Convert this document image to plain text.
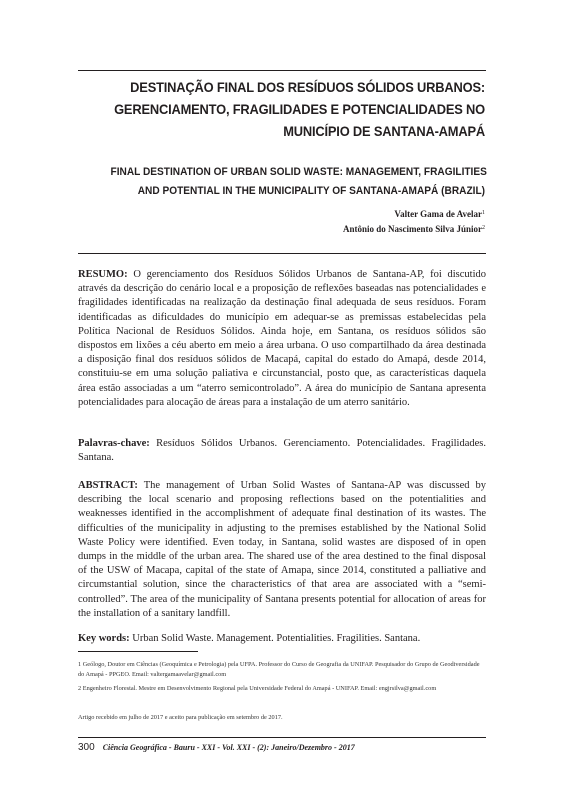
DESTINAÇÃO FINAL DOS RESÍDUOS SÓLIDOS URBANOS:
GERENCIAMENTO, FRAGILIDADES E POTENCIALIDADES NO
MUNICÍPIO DE SANTANA-AMAPÁ
FINAL DESTINATION OF URBAN SOLID WASTE: MANAGEMENT, FRAGILITIES
AND POTENTIAL IN THE MUNICIPALITY OF SANTANA-AMAPÁ (BRAZIL)
Valter Gama de Avelar$^1$
Antônio do Nascimento Silva Júnior$^2$

RESUMO: O gerenciamento dos Resíduos Sólidos Urbanos de Santana-AP, foi discutido através da descrição do cenário local e a proposição de reflexões baseadas nas potencialidades e fragilidades identificadas na realização da destinação final adequada de seus resíduos. Foram identificadas as dificuldades do município em adequar-se as premissas estabelecidas pela Política Nacional de Resíduos Sólidos. Ainda hoje, em Santana, os resíduos sólidos são dispostos em lixões a céu aberto em meio a área urbana. O uso compartilhado da área destinada a disposição final dos resíduos sólidos de Macapá, capital do estado do Amapá, desde 2014, constituiu-se em uma solução paliativa e circunstancial, posto que, as características daquela área estão associadas a um “aterro semicontrolado”. A área do município de Santana apresenta potencialidades para alocação de áreas para a instalação de um aterro sanitário.

Palavras-chave: Resíduos Sólidos Urbanos. Gerenciamento. Potencialidades. Fragilidades. Santana.

ABSTRACT: The management of Urban Solid Wastes of Santana-AP was discussed by describing the local scenario and proposing reflections based on the potentialities and weaknesses identified in the accomplishment of adequate final destination of its wastes. The difficulties of the municipality in adjusting to the premises established by the National Solid Waste Policy were identified. Even today, in Santana, solid wastes are disposed of in open dumps in the middle of the urban area. The shared use of the area destined to the final disposal of the USW of Macapa, capital of the state of Amapa, since 2014, constituted a palliative and circumstantial solution, since the characteristics of that area are associated with a “semi-controlled”. The area of the municipality of Santana presents potential for allocation of areas for the installation of a sanitary landfill.

Key words: Urban Solid Waste. Management. Potentialities. Fragilities. Santana.

1 Geólogo, Doutor em Ciências (Geoquímica e Petrologia) pela UFPA. Professor do Curso de Geografia da UNIFAP. Pesquisador do Grupo de Geodiversidade do Amapá - PPGEO. Email: valtergamaavelar@gmail.com

2 Engenheiro Florestal. Mestre em Desenvolvimento Regional pela Universidade Federal do Amapá - UNIFAP. Email: engjrsilva@gmail.com

Artigo recebido em julho de 2017 e aceito para publicação em setembro de 2017.

300 Ciência Geográfica - Bauru - XXI - Vol. XXI - (2): Janeiro/Dezembro - 2017
